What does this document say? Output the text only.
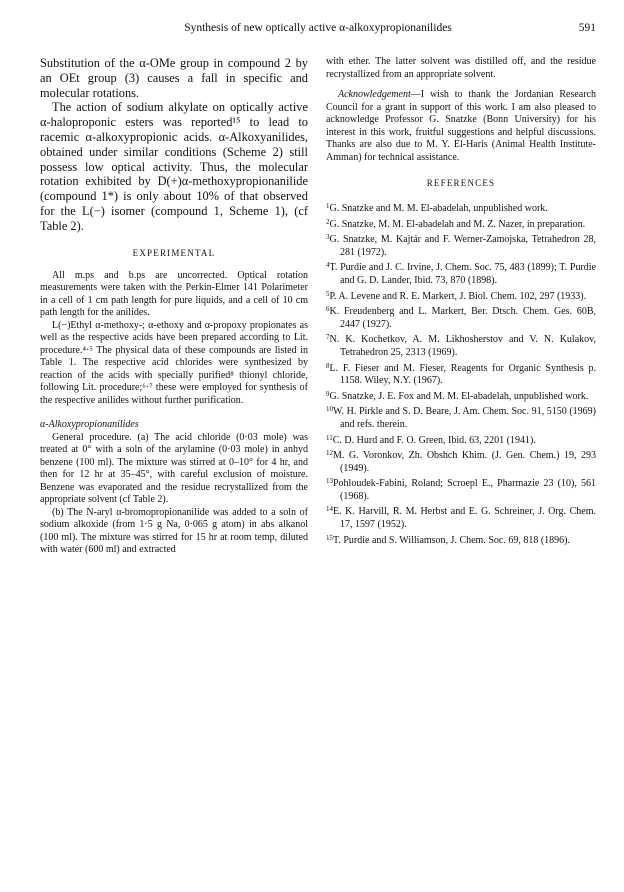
Synthesis of new optically active α-alkoxypropionanilides	591

Substitution of the α-OMe group in compound 2 by an OEt group (3) causes a fall in specific and molecular rotations.

The action of sodium alkylate on optically active α-haloproponic esters was reported¹⁵ to lead to racemic α-alkoxypropionic acids. α-Alkoxyanilides, obtained under similar conditions (Scheme 2) still possess low optical activity. Thus, the molecular rotation exhibited by D(+)α-methoxypropionanilide (compound 1*) is only about 10% of that observed for the L(−) isomer (compound 1, Scheme 1), (cf Table 2).

EXPERIMENTAL

All m.ps and b.ps are uncorrected. Optical rotation measurements were taken with the Perkin-Elmer 141 Polarimeter in a cell of 1 cm path length for pure liquids, and a cell of 10 cm path length for the anilides.

L(−)Ethyl α-methoxy-; α-ethoxy and α-propoxy propionates as well as the respective acids have been prepared according to Lit. procedure.⁴·⁵ The physical data of these compounds are listed in Table 1. The respective acid chlorides were synthesized by reaction of the acids with specially purified⁸ thionyl chloride, following Lit. procedure;⁶·⁷ these were employed for synthesis of the respective anilides without further purification.

α-Alkoxypropionanilides

General procedure. (a) The acid chloride (0·03 mole) was treated at 0° with a soln of the arylamine (0·03 mole) in anhyd benzene (100 ml). The mixture was stirred at 0–10° for 4 hr, and then for 12 hr at 35–45°, with careful exclusion of moisture. Benzene was evaporated and the residue recrystallized from the appropriate solvent (cf Table 2).

(b) The N-aryl α-bromopropionanilide was added to a soln of sodium alkoxide (from 1·5 g Na, 0·065 g atom) in abs alkanol (100 ml). The mixture was stirred for 15 hr at room temp, diluted with water (600 ml) and extracted

with ether. The latter solvent was distilled off, and the residue recrystallized from an appropriate solvent.

Acknowledgement—I wish to thank the Jordanian Research Council for a grant in support of this work. I am also pleased to acknowledge Professor G. Snatzke (Bonn University) for his interest in this work, fruitful suggestions and helpful discussions. Thanks are also due to M. Y. El-Haris (Animal Health Institute-Amman) for technical assistance.

REFERENCES
$^1$G. Snatzke and M. M. El-abadelah, unpublished work.
$^2$G. Snatzke, M. M. El-abadelah and M. Z. Nazer, in preparation.
$^3$G. Snatzke, M. Kajtár and F. Werner-Zamojska, Tetrahedron 28, 281 (1972).
$^4$T. Purdie and J. C. Irvine, J. Chem. Soc. 75, 483 (1899); T. Purdie and G. D. Lander, Ibid. 73, 870 (1898).
$^5$P. A. Levene and R. E. Markert, J. Biol. Chem. 102, 297 (1933).
$^6$K. Freudenberg and L. Markert, Ber. Dtsch. Chem. Ges. 60B, 2447 (1927).
$^7$N. K. Kochetkov, A. M. Likhosherstov and V. N. Kulakov, Tetrahedron 25, 2313 (1969).
$^8$L. F. Fieser and M. Fieser, Reagents for Organic Synthesis p. 1158. Wiley, N.Y. (1967).
$^9$G. Snatzke, J. E. Fox and M. M. El-abadelah, unpublished work.
$^{10}$W. H. Pirkle and S. D. Beare, J. Am. Chem. Soc. 91, 5150 (1969) and refs. therein.
$^{11}$C. D. Hurd and F. O. Green, Ibid. 63, 2201 (1941).
$^{12}$M. G. Voronkov, Zh. Obshch Khim. (J. Gen. Chem.) 19, 293 (1949).
$^{13}$Pohloudek-Fabini, Roland; Scroepl E., Pharmazie 23 (10), 561 (1968).
$^{14}$E. K. Harvill, R. M. Herbst and E. G. Schreiner, J. Org. Chem. 17, 1597 (1952).
$^{15}$T. Purdie and S. Williamson, J. Chem. Soc. 69, 818 (1896).
